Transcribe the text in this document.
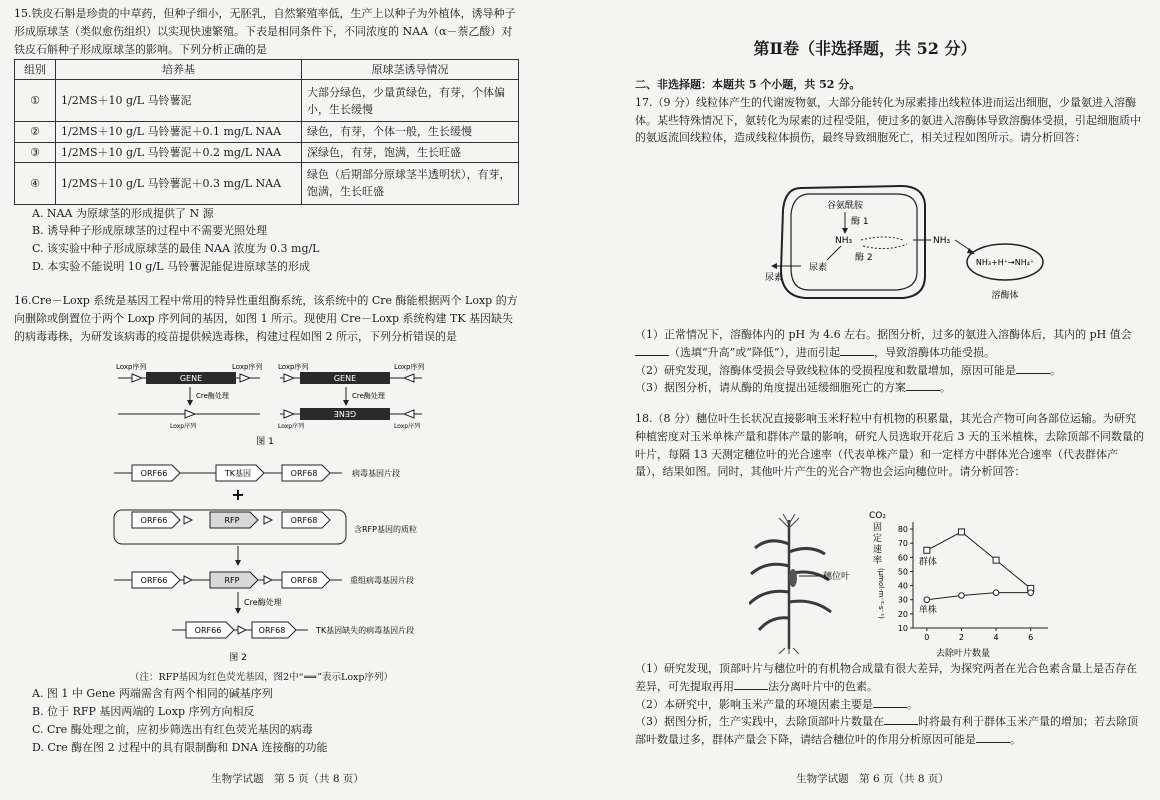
15.铁皮石斛是珍贵的中草药，但种子细小，无胚乳，自然繁殖率低，生产上以种子为外植体，诱导种子形成原球茎（类似愈伤组织）以实现快速繁殖。下表是相同条件下，不同浓度的 NAA（α－萘乙酸）对铁皮石斛种子形成原球茎的影响。下列分析正确的是

组别	培养基	原球茎诱导情况
①	1/2MS＋10 g/L 马铃薯泥	大部分绿色，少量黄绿色，有芽，个体偏小，生长缓慢
②	1/2MS＋10 g/L 马铃薯泥＋0.1 mg/L NAA	绿色，有芽，个体一般，生长缓慢
③	1/2MS＋10 g/L 马铃薯泥＋0.2 mg/L NAA	深绿色，有芽，饱满，生长旺盛
④	1/2MS＋10 g/L 马铃薯泥＋0.3 mg/L NAA	绿色（后期部分原球茎半透明状），有芽，饱满，生长旺盛

A. NAA 为原球茎的形成提供了 N 源

B. 诱导种子形成原球茎的过程中不需要光照处理

C. 该实验中种子形成原球茎的最佳 NAA 浓度为 0.3 mg/L

D. 本实验不能说明 10 g/L 马铃薯泥能促进原球茎的形成

16.Cre－Loxp 系统是基因工程中常用的特异性重组酶系统，该系统中的 Cre 酶能根据两个 Loxp 的方向删除或倒置位于两个 Loxp 序列间的基因，如图 1 所示。现使用 Cre－Loxp 系统构建 TK 基因缺失的病毒毒株，为研发该病毒的疫苗提供候选毒株，构建过程如图 2 所示，下列分析错误的是

Loxp序列	Loxp序列
GENE
Cre酶处理
Loxp序列
Loxp序列	Loxp序列
GENE
Cre酶处理
GENE
Loxp序列	Loxp序列
图 1
ORF66	TK基因	ORF68	病毒基因片段
+
ORF66	RFP	ORF68
含RFP基因的质粒
ORF66	RFP	ORF68	重组病毒基因片段
Cre酶处理
ORF66	ORF68	TK基因缺失的病毒基因片段
图 2

（注：RFP基因为红色荧光基因，图2中“⟹”表示Loxp序列）

A. 图 1 中 Gene 两端需含有两个相同的碱基序列

B. 位于 RFP 基因两端的 Loxp 序列方向相反

C. Cre 酶处理之前，应初步筛选出有红色荧光基因的病毒

D. Cre 酶在图 2 过程中的具有限制酶和 DNA 连接酶的功能

生物学试题　第 5 页（共 8 页）
第Ⅱ卷（非选择题，共 52 分）

二、非选择题：本题共 5 个小题，共 52 分。

17.（9 分）线粒体产生的代谢废物氨，大部分能转化为尿素排出线粒体进而运出细胞，少量氨进入溶酶体。某些特殊情况下，氨转化为尿素的过程受阻，使过多的氨进入溶酶体导致溶酶体受损，引起细胞质中的氨返流回线粒体，造成线粒体损伤，最终导致细胞死亡，相关过程如图所示。请分析回答：

谷氨酰胺
酶 1
NH₃
酶 2
尿素
尿素
NH₃
NH₃+H⁺→NH₄⁺
溶酶体

（1）正常情况下，溶酶体内的 pH 为 4.6 左右。据图分析，过多的氨进入溶酶体后，其内的 pH 值会（选填“升高”或“降低”），进而引起	，导致溶酶体功能受损。

（2）研究发现，溶酶体受损会导致线粒体的受损程度和数量增加，原因可能是	。

（3）据图分析，请从酶的角度提出延缓细胞死亡的方案	。

18.（8 分）穗位叶生长状况直接影响玉米籽粒中有机物的积累量，其光合产物可向各部位运输。为研究种植密度对玉米单株产量和群体产量的影响，研究人员选取开花后 3 天的玉米植株，去除顶部不同数量的叶片，每隔 13 天测定穗位叶的光合速率（代表单株产量）和一定样方中群体光合速率（代表群体产量），结果如图。同时，其他叶片产生的光合产物也会运向穗位叶。请分析回答：

穗位叶
CO₂
固
定
速
率
(μmol·m⁻²·s⁻¹)
10
20
30
40
50
60
70
80
0	2	4	6
群体
单株
去除叶片数量

（1）研究发现，顶部叶片与穗位叶的有机物合成量有很大差异，为探究两者在光合色素含量上是否存在差异，可先提取再用	法分离叶片中的色素。

（2）本研究中，影响玉米产量的环境因素主要是	。

（3）据图分析，生产实践中，去除顶部叶片数量在	时将最有利于群体玉米产量的增加；若去除顶部叶数量过多，群体产量会下降，请结合穗位叶的作用分析原因可能是	。

生物学试题　第 6 页（共 8 页）
